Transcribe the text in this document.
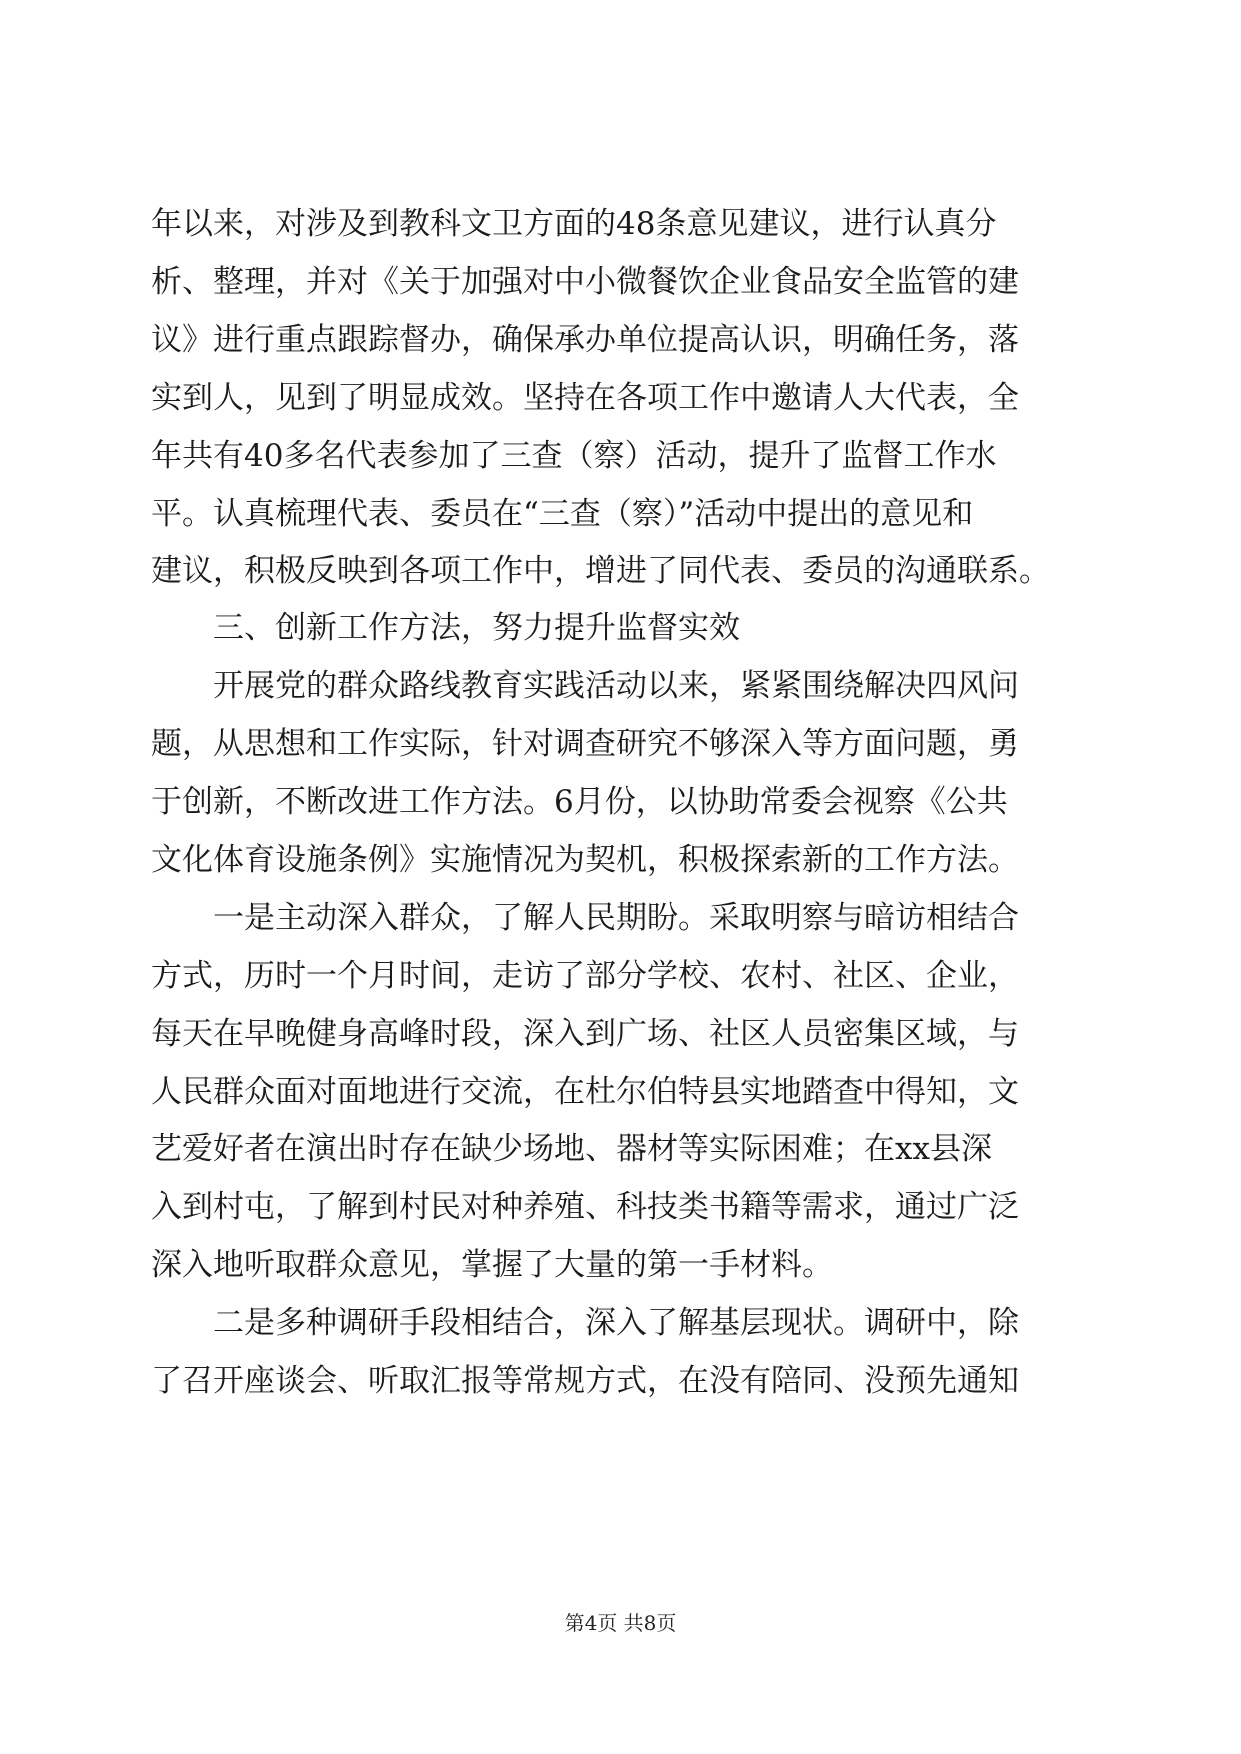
年以来，对涉及到教科文卫方面的48条意见建议，进行认真分
析、整理，并对《关于加强对中小微餐饮企业食品安全监管的建
议》进行重点跟踪督办，确保承办单位提高认识，明确任务，落
实到人，见到了明显成效。坚持在各项工作中邀请人大代表，全
年共有40多名代表参加了三查（察）活动，提升了监督工作水
平。认真梳理代表、委员在“三查（察）”活动中提出的意见和
建议，积极反映到各项工作中，增进了同代表、委员的沟通联系。
三、创新工作方法，努力提升监督实效
开展党的群众路线教育实践活动以来，紧紧围绕解决四风问
题，从思想和工作实际，针对调查研究不够深入等方面问题，勇
于创新，不断改进工作方法。6月份，以协助常委会视察《公共
文化体育设施条例》实施情况为契机，积极探索新的工作方法。
一是主动深入群众，了解人民期盼。采取明察与暗访相结合
方式，历时一个月时间，走访了部分学校、农村、社区、企业，
每天在早晚健身高峰时段，深入到广场、社区人员密集区域，与
人民群众面对面地进行交流，在杜尔伯特县实地踏查中得知，文
艺爱好者在演出时存在缺少场地、器材等实际困难；在xx县深
入到村屯，了解到村民对种养殖、科技类书籍等需求，通过广泛
深入地听取群众意见，掌握了大量的第一手材料。
二是多种调研手段相结合，深入了解基层现状。调研中，除
了召开座谈会、听取汇报等常规方式，在没有陪同、没预先通知
第4页 共8页
